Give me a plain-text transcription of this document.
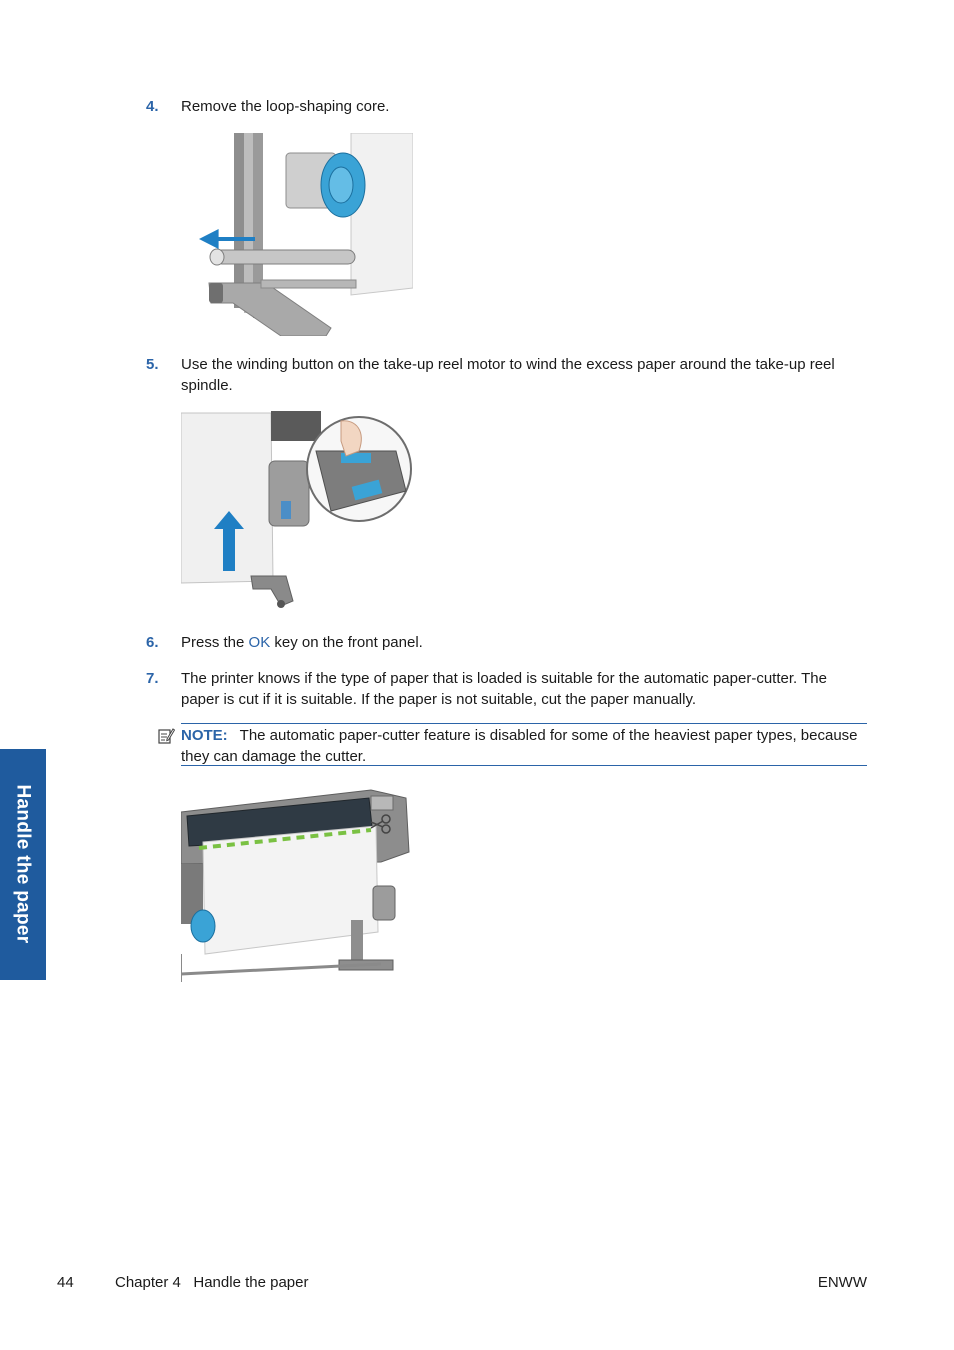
4.	Remove the loop-shaping core.
5.	Use the winding button on the take-up reel motor to wind the excess paper around the take-up reel spindle.
6.	Press the OK key on the front panel.
7.	The printer knows if the type of paper that is loaded is suitable for the automatic paper-cutter. The paper is cut if it is suitable. If the paper is not suitable, cut the paper manually.
NOTE: The automatic paper-cutter feature is disabled for some of the heaviest paper types, because they can damage the cutter.
Handle the paper
44	Chapter 4   Handle the paper	ENWW
